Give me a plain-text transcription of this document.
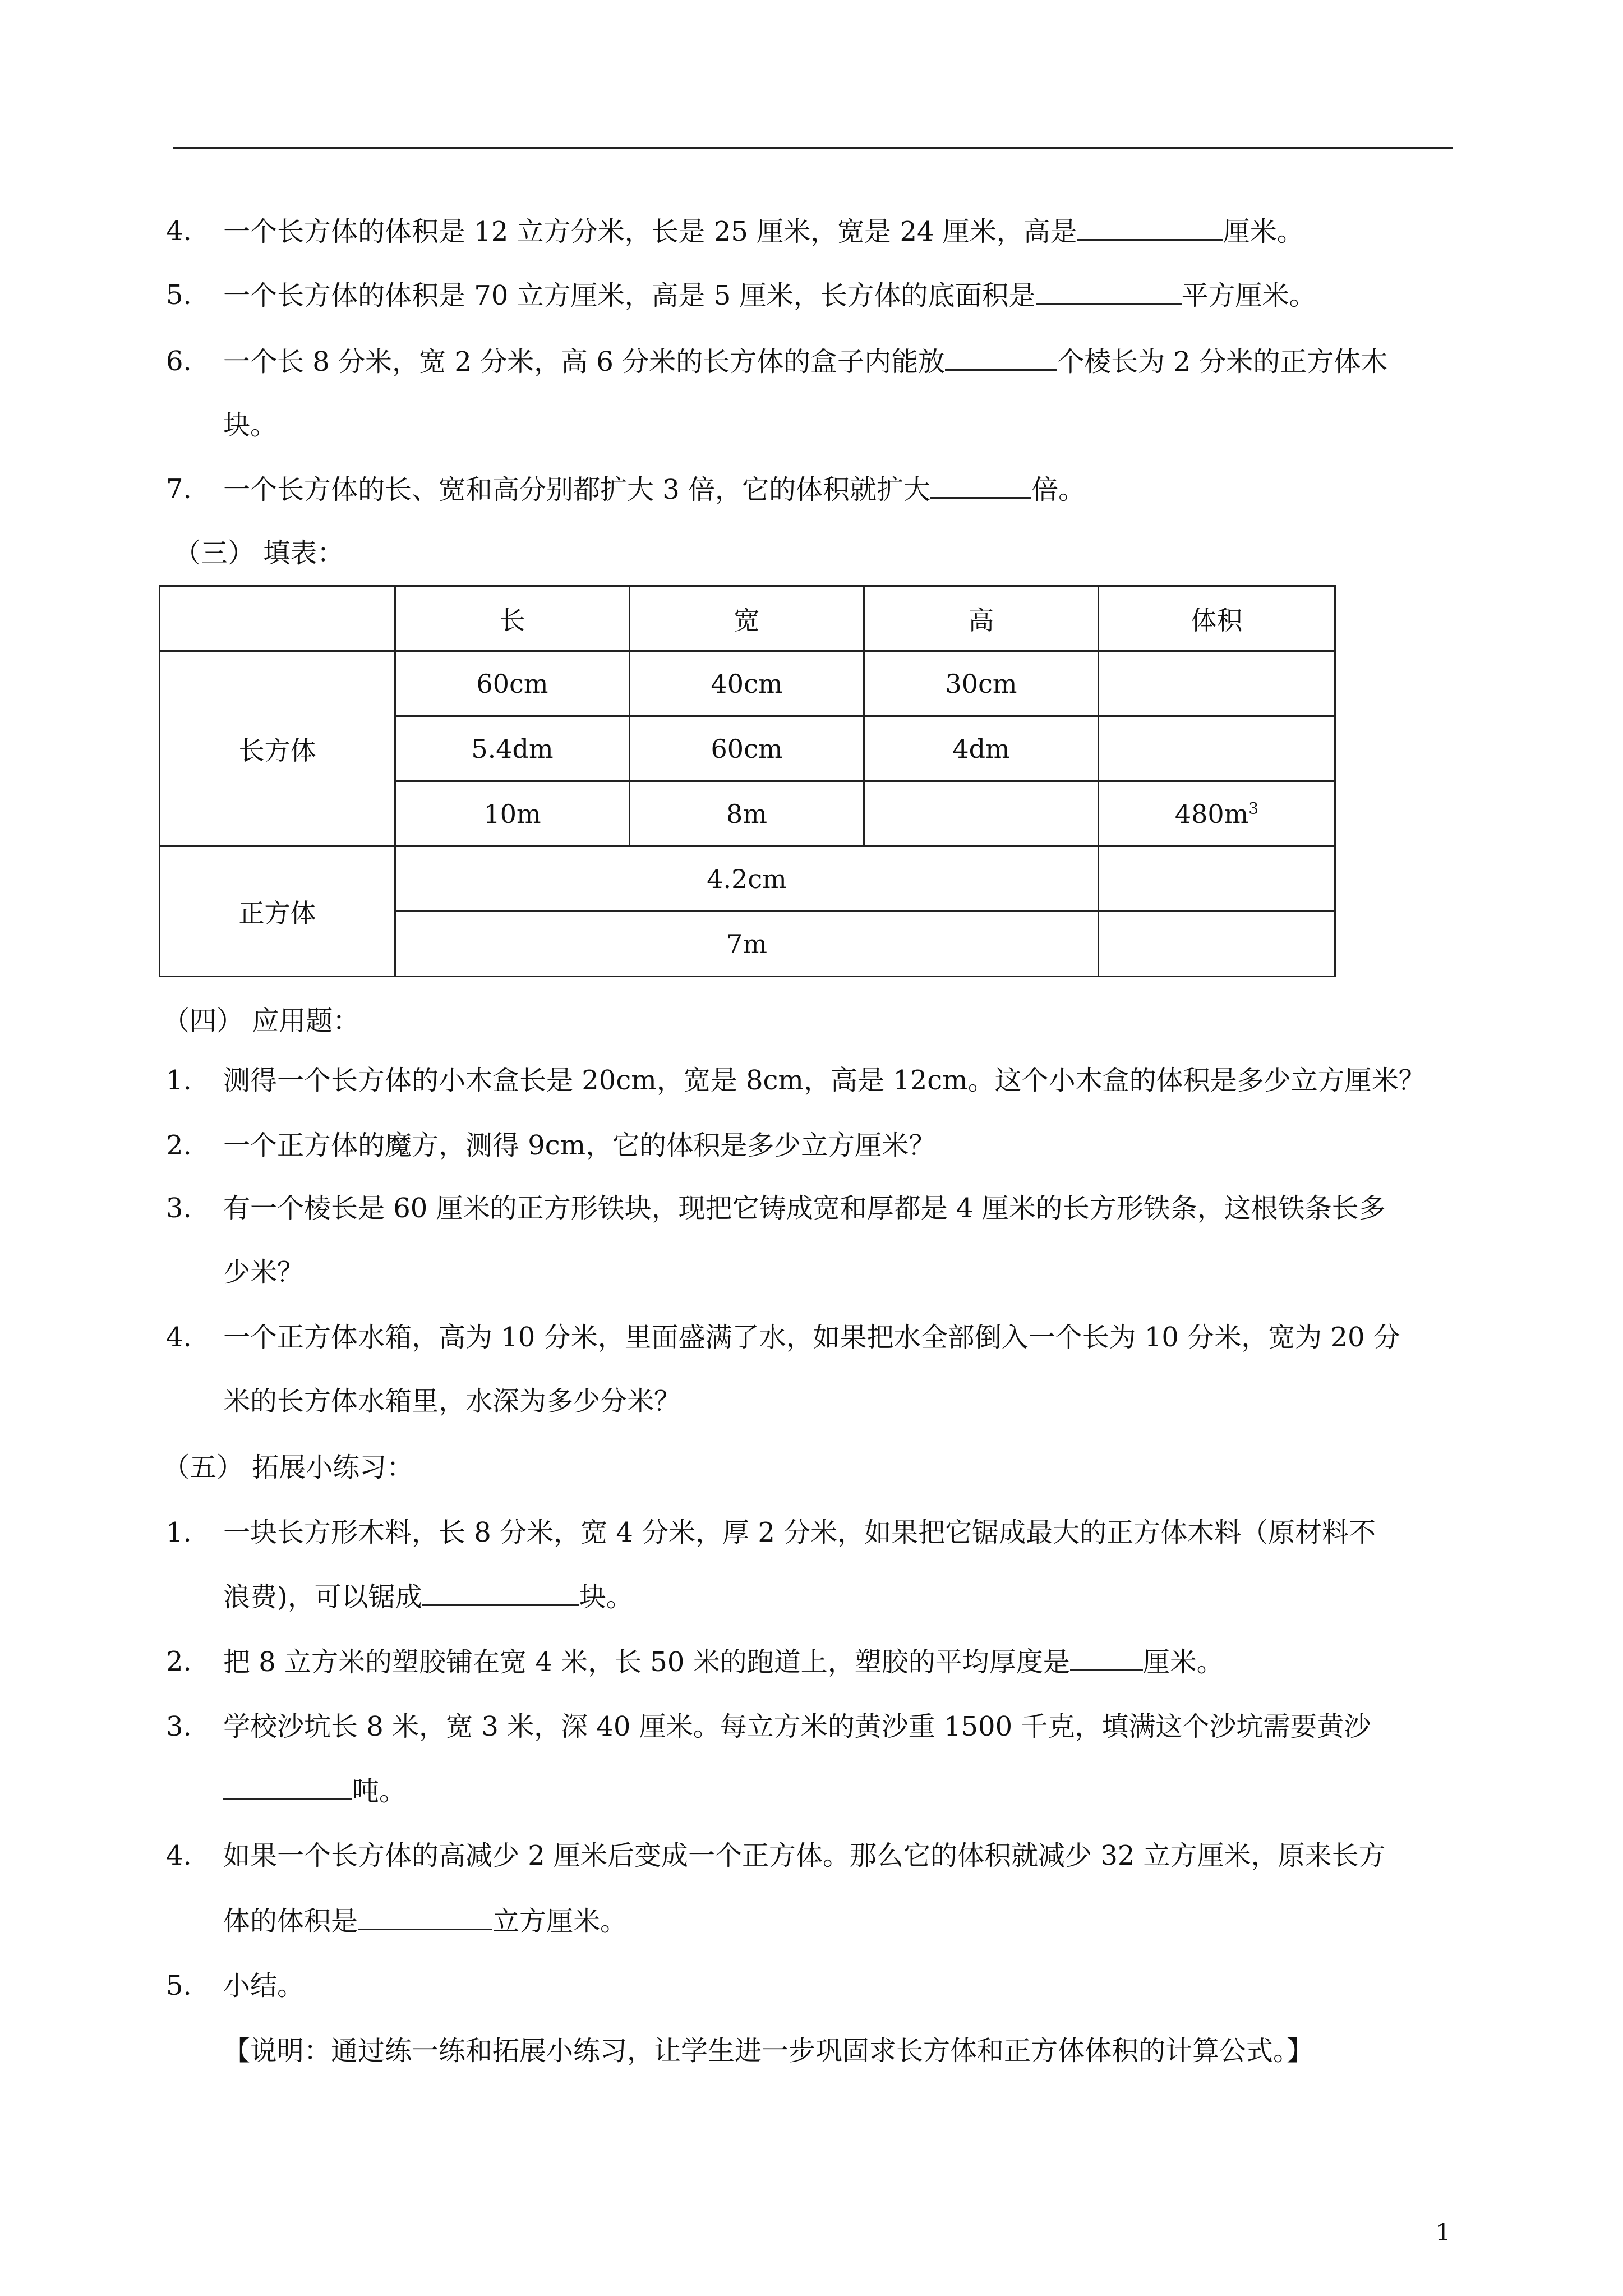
4. 一个长方体的体积是 12 立方分米，长是 25 厘米，宽是 24 厘米，高是	厘米。
5. 一个长方体的体积是 70 立方厘米，高是 5 厘米，长方体的底面积是	平方厘米。
6. 一个长 8 分米，宽 2 分米，高 6 分米的长方体的盒子内能放	个棱长为 2 分米的正方体木
块。
7. 一个长方体的长、宽和高分别都扩大 3 倍，它的体积就扩大	倍。
（三） 填表：
	长	宽	高	体积
长方体	60cm	40cm	30cm	
	5.4dm	60cm	4dm	
	10m	8m		$480m^3$
正方体	4.2cm			
	7m			
（四） 应用题：
1. 测得一个长方体的小木盒长是 20cm，宽是 8cm，高是 12cm。这个小木盒的体积是多少立方厘米？
2. 一个正方体的魔方，测得 9cm，它的体积是多少立方厘米？
3. 有一个棱长是 60 厘米的正方形铁块，现把它铸成宽和厚都是 4 厘米的长方形铁条，这根铁条长多
少米？
4. 一个正方体水箱，高为 10 分米，里面盛满了水，如果把水全部倒入一个长为 10 分米，宽为 20 分
米的长方体水箱里，水深为多少分米？
（五） 拓展小练习：
1. 一块长方形木料，长 8 分米，宽 4 分米，厚 2 分米，如果把它锯成最大的正方体木料（原材料不
浪费)，可以锯成	块。
2. 把 8 立方米的塑胶铺在宽 4 米，长 50 米的跑道上，塑胶的平均厚度是	厘米。
3. 学校沙坑长 8 米，宽 3 米，深 40 厘米。每立方米的黄沙重 1500 千克，填满这个沙坑需要黄沙
吨。
4. 如果一个长方体的高减少 2 厘米后变成一个正方体。那么它的体积就减少 32 立方厘米，原来长方
体的体积是	立方厘米。
5. 小结。
【说明：通过练一练和拓展小练习，让学生进一步巩固求长方体和正方体体积的计算公式。】
1
